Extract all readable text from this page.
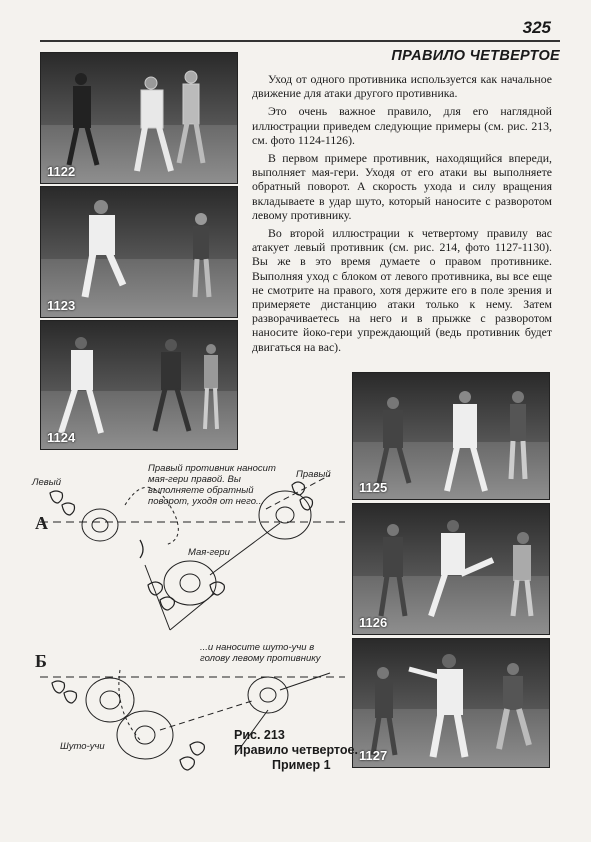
325
ПРАВИЛО ЧЕТВЕРТОЕ

Уход от одного противника используется как начальное движение для атаки другого противника.

Это очень важное правило, для его наглядной иллюстрации приведем следующие примеры (см. рис. 213, см. фото 1124-1126).

В первом примере противник, находящийся впереди, выполняет мая-гери. Уходя от его атаки вы выполняете обратный поворот. А скорость ухода и силу вращения вкладываете в удар шуто, который наносите с разворотом левому противнику.

Во второй иллюстрации к четвертому правилу вас атакует левый противник (см. рис. 214, фото 1127-1130). Вы же в это время думаете о правом противнике. Выполняя уход с блоком от левого противника, вы все еще не смотрите на правого, хотя держите его в поле зрения и примеряете дистанцию атаки только к нему. Затем разворачиваетесь на него и в прыжке с разворотом наносите йоко-гери упреждающий (ведь противник будет двигаться на вас).

1122
1123
1124
1125
1126
1127
А
Б
Левый
Правый
Правый противник наносит мая-гери правой. Вы выполняете обратный поворот, уходя от него...
Мая-гери
...и наносите шуто-учи в голову левому противнику
Шуто-учи
Рис. 213
Правило четвертое.
Пример 1
